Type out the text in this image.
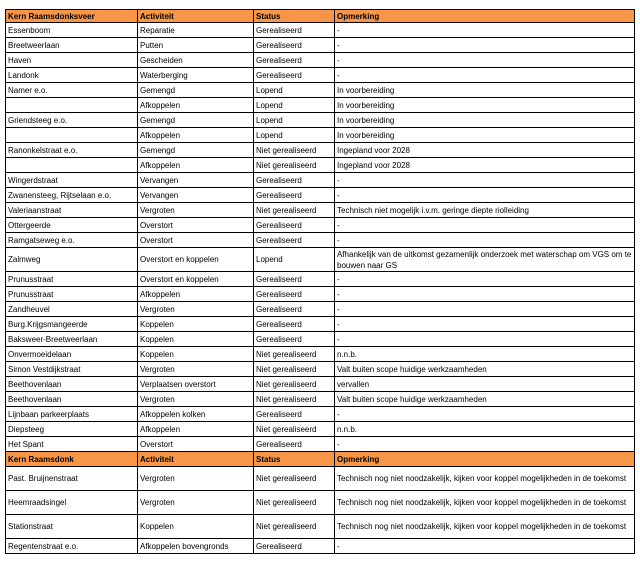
Kern Raamsdonksveer	Activiteit	Status	Opmerking
Essenboom	Reparatie	Gerealiseerd	-
Breetweerlaan	Putten	Gerealiseerd	-
Haven	Gescheiden	Gerealiseerd	-
Landonk	Waterberging	Gerealiseerd	-
Namer e.o.	Gemengd	Lopend	In voorbereiding
	Afkoppelen	Lopend	In voorbereiding
Griendsteeg e.o.	Gemengd	Lopend	In voorbereiding
	Afkoppelen	Lopend	In voorbereiding
Ranonkelstraat e.o.	Gemengd	Niet gerealiseerd	Ingepland voor 2028
	Afkoppelen	Niet gerealiseerd	Ingepland voor 2028
Wingerdstraat	Vervangen	Gerealiseerd	-
Zwanensteeg, Rijtselaan e.o.	Vervangen	Gerealiseerd	-
Valeriaanstraat	Vergroten	Niet gerealiseerd	Technisch niet mogelijk i.v.m. geringe diepte riolleiding
Ottergeerde	Overstort	Gerealiseerd	-
Ramgatseweg e.o.	Overstort	Gerealiseerd	-
Zalmweg	Overstort en koppelen	Lopend	Afhankelijk van de uitkomst gezamenlijk onderzoek met waterschap om VGS om te bouwen naar GS
Prunusstraat	Overstort en koppelen	Gerealiseerd	-
Prunusstraat	Afkoppelen	Gerealiseerd	-
Zandheuvel	Vergroten	Gerealiseerd	-
Burg.Krijgsmangeerde	Koppelen	Gerealiseerd	-
Baksweer-Breetweerlaan	Koppelen	Gerealiseerd	-
Onvermoeidelaan	Koppelen	Niet gerealiseerd	n.n.b.
Simon Vestdijkstraat	Vergroten	Niet gerealiseerd	Valt buiten scope huidige werkzaamheden
Beethovenlaan	Verplaatsen overstort	Niet gerealiseerd	vervallen
Beethovenlaan	Vergroten	Niet gerealiseerd	Valt buiten scope huidige werkzaamheden
Lijnbaan parkeerplaats	Afkoppelen kolken	Gerealiseerd	-
Diepsteeg	Afkoppelen	Niet gerealiseerd	n.n.b.
Het Spant	Overstort	Gerealiseerd	-
Kern Raamsdonk	Activiteit	Status	Opmerking
Past. Bruijnenstraat	Vergroten	Niet gerealiseerd	Technisch nog niet noodzakelijk, kijken voor koppel mogelijkheden in de toekomst
Heemraadsingel	Vergroten	Niet gerealiseerd	Technisch nog niet noodzakelijk, kijken voor koppel mogelijkheden in de toekomst
Stationstraat	Koppelen	Niet gerealiseerd	Technisch nog niet noodzakelijk, kijken voor koppel mogelijkheden in de toekomst
Regentenstraat e.o.	Afkoppelen bovengronds	Gerealiseerd	-
